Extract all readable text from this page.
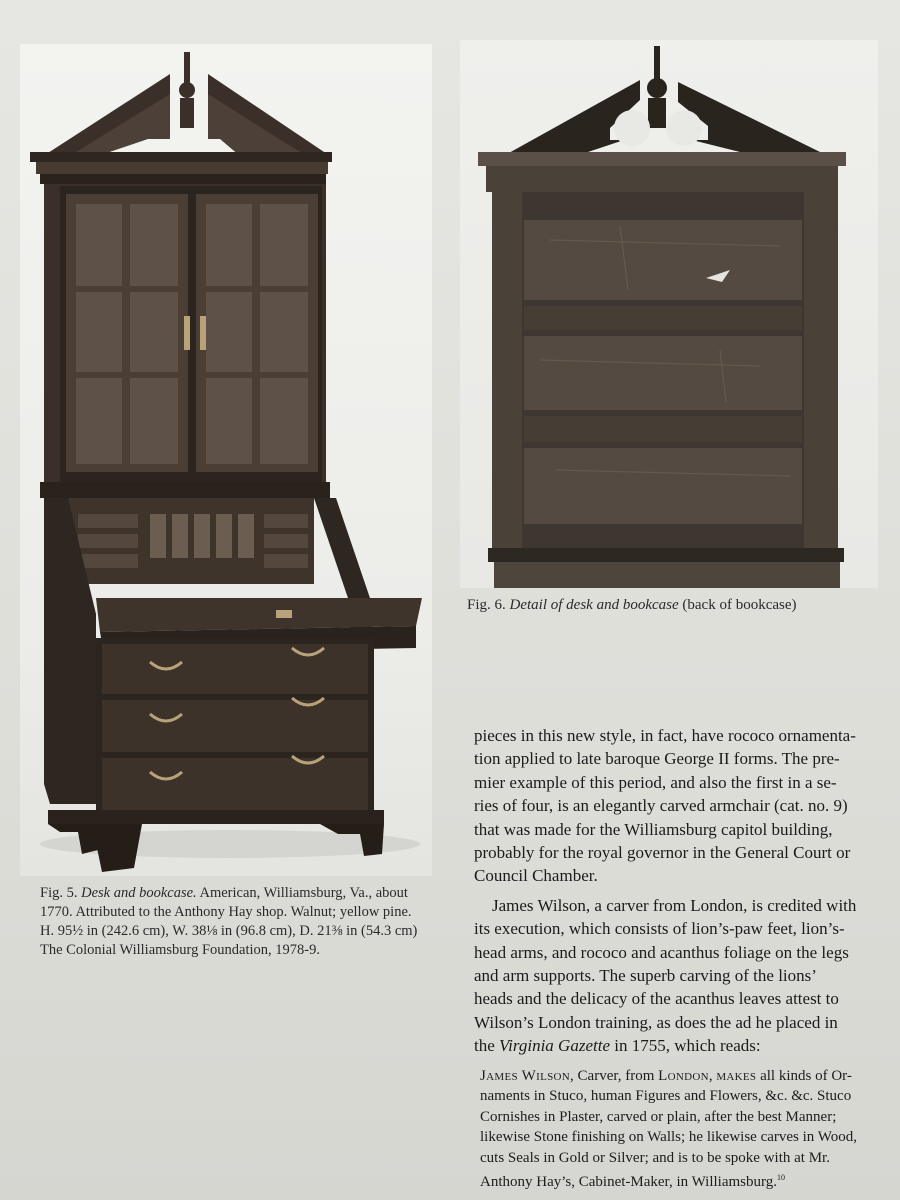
Fig. 6. Detail of desk and bookcase (back of bookcase)
Fig. 5. Desk and bookcase. American, Williamsburg, Va., about
1770. Attributed to the Anthony Hay shop. Walnut; yellow pine.
H. 95½ in (242.6 cm), W. 38⅛ in (96.8 cm), D. 21⅜ in (54.3 cm)
The Colonial Williamsburg Foundation, 1978-9.
pieces in this new style, in fact, have rococo ornamenta-
tion applied to late baroque George II forms. The pre-
mier example of this period, and also the first in a se-
ries of four, is an elegantly carved armchair (cat. no. 9)
that was made for the Williamsburg capitol building,
probably for the royal governor in the General Court or
Council Chamber.
James Wilson, a carver from London, is credited with
its execution, which consists of lion’s-paw feet, lion’s-
head arms, and rococo and acanthus foliage on the legs
and arm supports. The superb carving of the lions’
heads and the delicacy of the acanthus leaves attest to
Wilson’s London training, as does the ad he placed in
the Virginia Gazette in 1755, which reads:
James Wilson, Carver, from London, makes all kinds of Or-
naments in Stuco, human Figures and Flowers, &c. &c. Stuco
Cornishes in Plaster, carved or plain, after the best Manner;
likewise Stone finishing on Walls; he likewise carves in Wood,
cuts Seals in Gold or Silver; and is to be spoke with at Mr.
Anthony Hay’s, Cabinet-Maker, in Williamsburg.$^{10}$
